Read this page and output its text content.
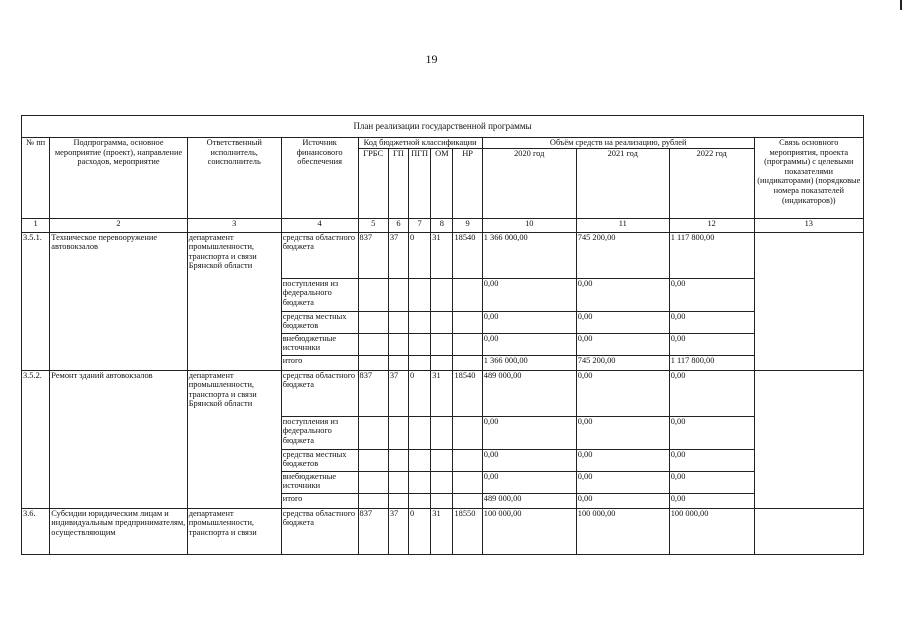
19
План реализации государственной программы												
№ пп	Подпрограмма, основное мероприятие (проект), направление расходов, мероприятие	Ответственный исполнитель, соисполнитель	Источник финансового обеспечения	Код бюджетной классификации					Объём средств на реализацию, рублей			Связь основного мероприятия, проекта (программы) с целевыми показателями (индикаторами) (порядковые номера показателей (индикаторов))
				ГРБС	ГП	ПГП	ОМ	НР	2020 год	2021 год	2022 год	
1	2	3	4	5	6	7	8	9	10	11	12	13
3.5.1.	Техническое перевооружение автовокзалов	департамент промышленности, транспорта и связи Брянской области	средства областного бюджета	837	37	0	31	18540	1 366 000,00	745 200,00	1 117 800,00	
			поступления из федерального бюджета						0,00	0,00	0,00	
			средства местных бюджетов						0,00	0,00	0,00	
			внебюджетные источники						0,00	0,00	0,00	
			итого						1 366 000,00	745 200,00	1 117 800,00	
3.5.2.	Ремонт зданий автовокзалов	департамент промышленности, транспорта и связи Брянской области	средства областного бюджета	837	37	0	31	18540	489 000,00	0,00	0,00	
			поступления из федерального бюджета						0,00	0,00	0,00	
			средства местных бюджетов						0,00	0,00	0,00	
			внебюджетные источники						0,00	0,00	0,00	
			итого						489 000,00	0,00	0,00	
3.6.	Субсидии юридическим лицам и индивидуальным предпринимателям, осуществляющим	департамент промышленности, транспорта и связи	средства областного бюджета	837	37	0	31	18550	100 000,00	100 000,00	100 000,00	
